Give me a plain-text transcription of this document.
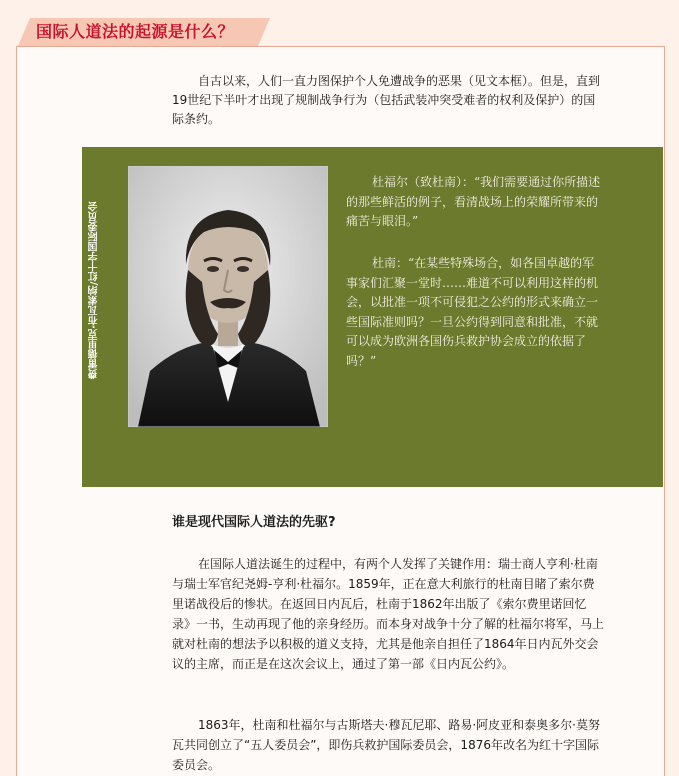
国际人道法的起源是什么？

自古以来，人们一直力图保护个人免遭战争的恶果（见文本框）。但是，直到19世纪下半叶才出现了规制战争行为（包括武装冲突受难者的权利及保护）的国际条约。

费雷德里克·布瓦索纳/红十字国际委员会

杜福尔（致杜南）：“我们需要通过你所描述的那些鲜活的例子，看清战场上的荣耀所带来的痛苦与眼泪。”

杜南：“在某些特殊场合，如各国卓越的军事家们汇聚一堂时……难道不可以利用这样的机会，以批准一项不可侵犯之公约的形式来确立一些国际准则吗？一旦公约得到同意和批准，不就可以成为欧洲各国伤兵救护协会成立的依据了吗？”

谁是现代国际人道法的先驱?

在国际人道法诞生的过程中，有两个人发挥了关键作用：瑞士商人亨利·杜南与瑞士军官纪尧姆-亨利·杜福尔。1859年，正在意大利旅行的杜南目睹了索尔费里诺战役后的惨状。在返回日内瓦后，杜南于1862年出版了《索尔费里诺回忆录》一书，生动再现了他的亲身经历。而本身对战争十分了解的杜福尔将军，马上就对杜南的想法予以积极的道义支持，尤其是他亲自担任了1864年日内瓦外交会议的主席，而正是在这次会议上，通过了第一部《日内瓦公约》。

1863年，杜南和杜福尔与古斯塔夫·穆瓦尼耶、路易·阿皮亚和泰奥多尔·莫努瓦共同创立了“五人委员会”，即伤兵救护国际委员会，1876年改名为红十字国际委员会。
